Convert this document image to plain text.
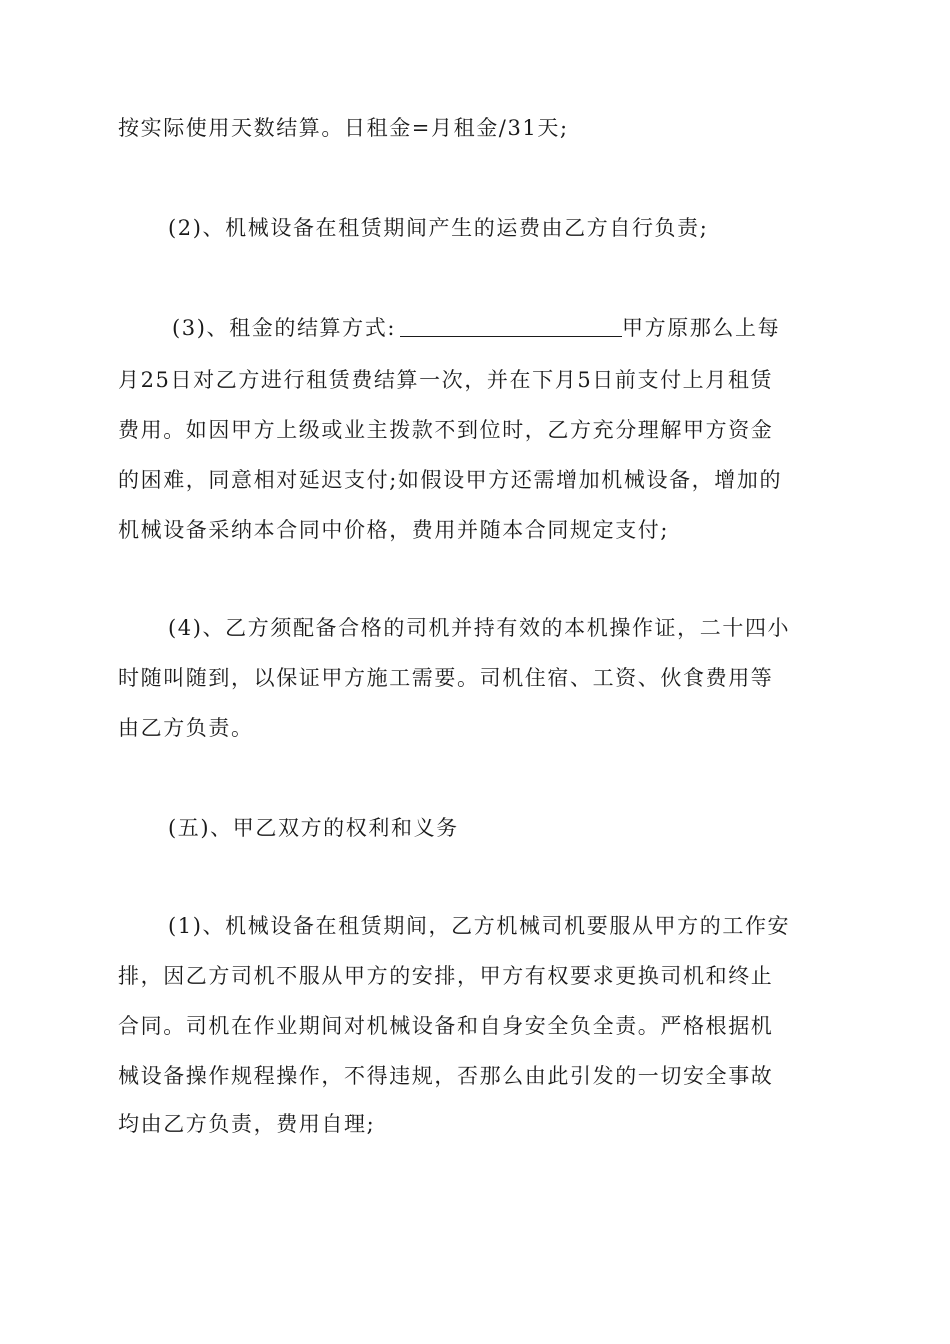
按实际使用天数结算。日租金=月租金/31天;
(2)、机械设备在租赁期间产生的运费由乙方自行负责;
(3)、租金的结算方式:	甲方原那么上每
月25日对乙方进行租赁费结算一次，并在下月5日前支付上月租赁
费用。如因甲方上级或业主拨款不到位时，乙方充分理解甲方资金
的困难，同意相对延迟支付;如假设甲方还需增加机械设备，增加的
机械设备采纳本合同中价格，费用并随本合同规定支付;
(4)、乙方须配备合格的司机并持有效的本机操作证，二十四小
时随叫随到，以保证甲方施工需要。司机住宿、工资、伙食费用等
由乙方负责。
(五)、甲乙双方的权利和义务
(1)、机械设备在租赁期间，乙方机械司机要服从甲方的工作安
排，因乙方司机不服从甲方的安排，甲方有权要求更换司机和终止
合同。司机在作业期间对机械设备和自身安全负全责。严格根据机
械设备操作规程操作，不得违规，否那么由此引发的一切安全事故
均由乙方负责，费用自理;
